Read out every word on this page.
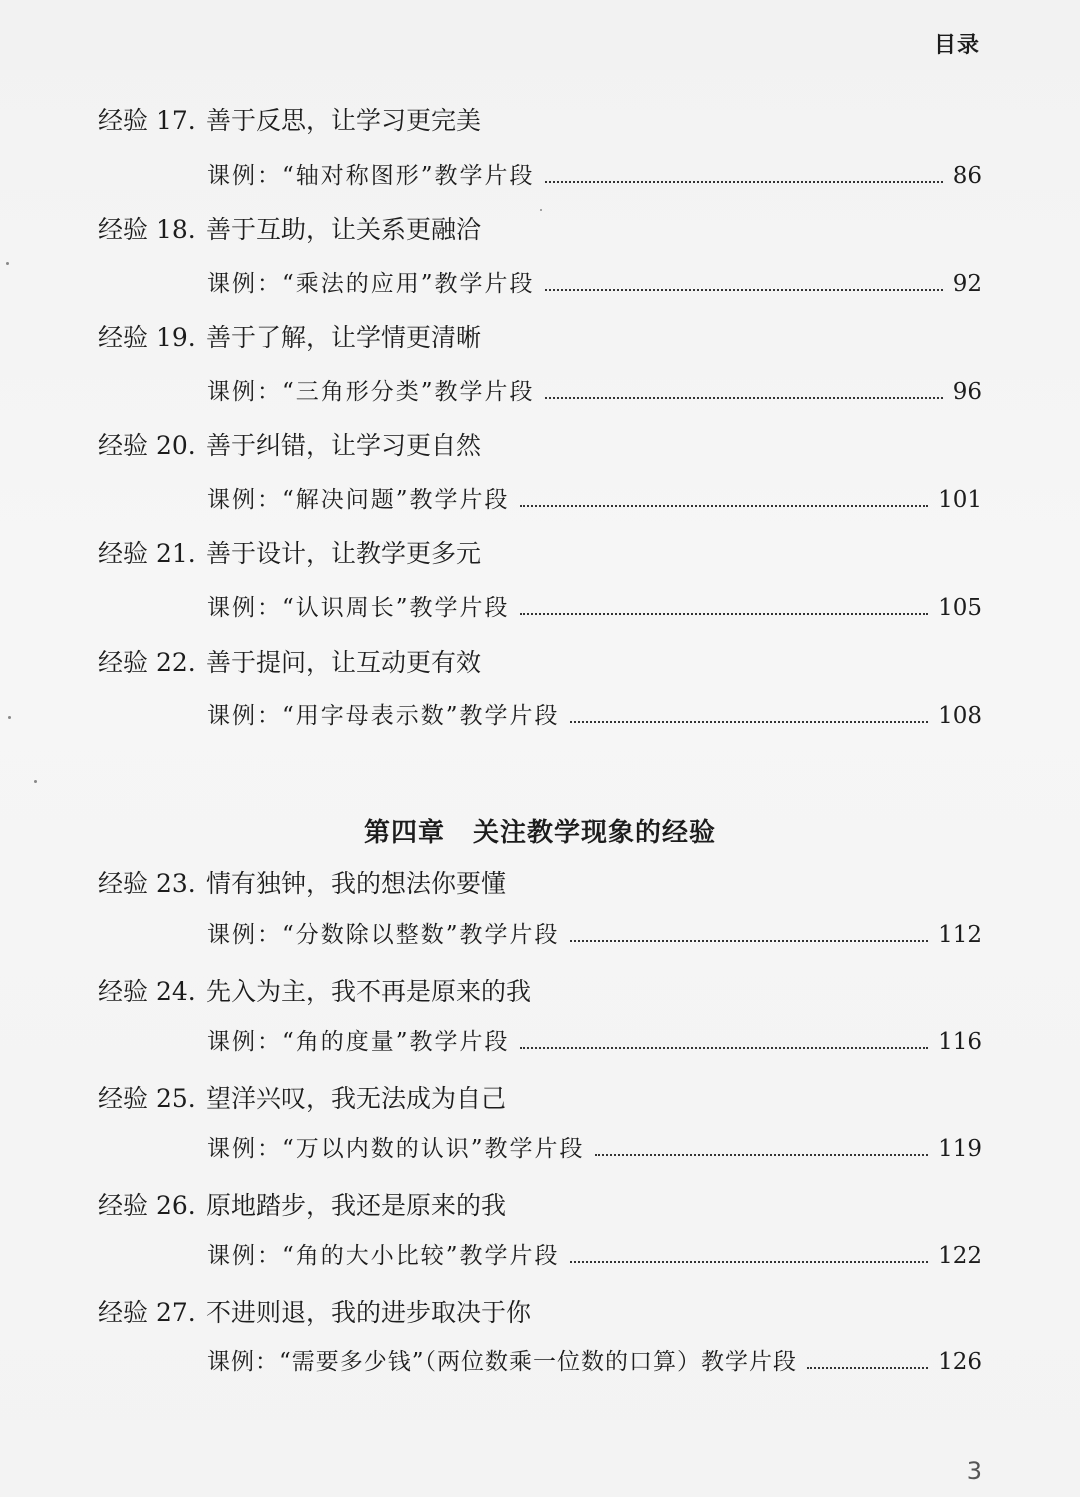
目录
经验 17. 善于反思，让学习更完美
课例：“轴对称图形”教学片段	86
经验 18. 善于互助，让关系更融洽
课例：“乘法的应用”教学片段	92
经验 19. 善于了解，让学情更清晰
课例：“三角形分类”教学片段	96
经验 20. 善于纠错，让学习更自然
课例：“解决问题”教学片段	101
经验 21. 善于设计，让教学更多元
课例：“认识周长”教学片段	105
经验 22. 善于提问，让互动更有效
课例：“用字母表示数”教学片段	108
第四章 关注教学现象的经验
经验 23. 情有独钟，我的想法你要懂
课例：“分数除以整数”教学片段	112
经验 24. 先入为主，我不再是原来的我
课例：“角的度量”教学片段	116
经验 25. 望洋兴叹，我无法成为自己
课例：“万以内数的认识”教学片段	119
经验 26. 原地踏步，我还是原来的我
课例：“角的大小比较”教学片段	122
经验 27. 不进则退，我的进步取决于你
课例：“需要多少钱”（两位数乘一位数的口算）教学片段	126
3
